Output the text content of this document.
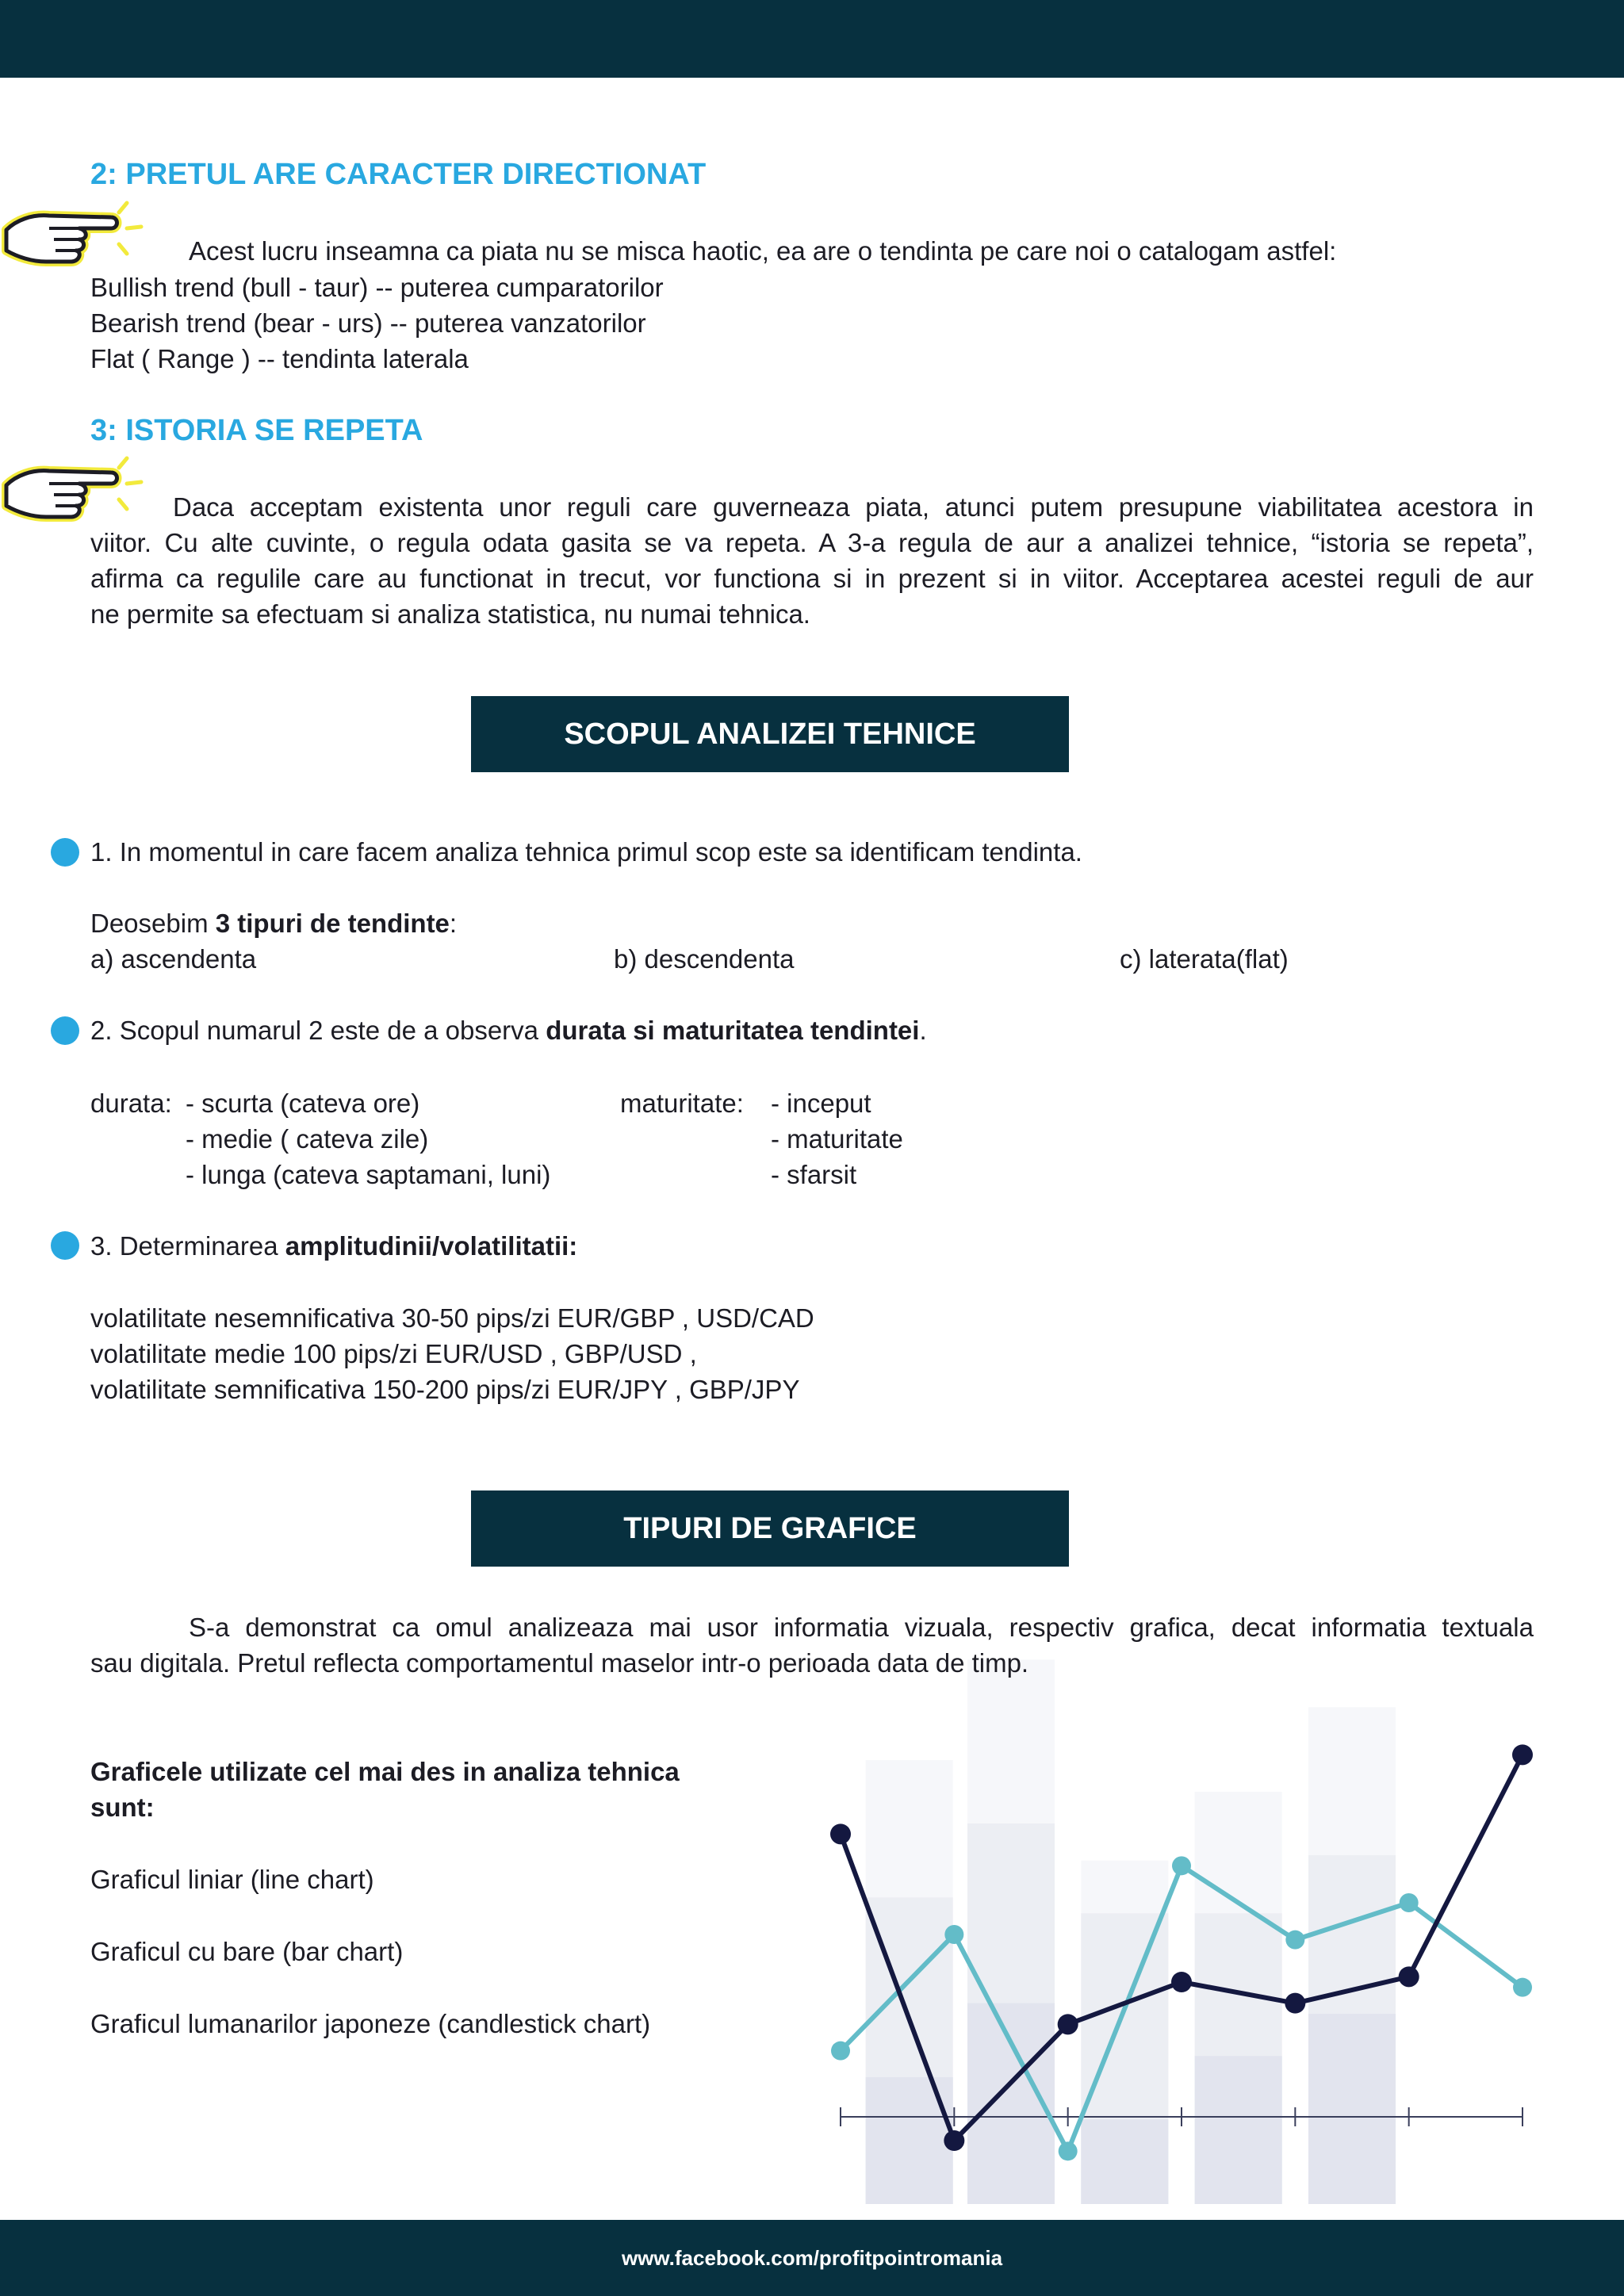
2: PRETUL ARE CARACTER DIRECTIONAT
Acest lucru inseamna ca piata nu se misca haotic, ea are o tendinta pe care noi o catalogam astfel:
Bullish trend (bull - taur) -- puterea cumparatorilor
Bearish trend (bear - urs) -- puterea vanzatorilor
Flat ( Range ) -- tendinta laterala
3: ISTORIA SE REPETA
Daca acceptam existenta unor reguli care guverneaza piata, atunci putem presupune viabilitatea acestora in
viitor. Cu alte cuvinte, o regula odata gasita se va repeta. A 3-a regula de aur a analizei tehnice, “istoria se repeta”,
afirma ca regulile care au functionat in trecut, vor functiona si in prezent si in viitor. Acceptarea acestei reguli de aur
ne permite sa efectuam si analiza statistica, nu numai tehnica.
SCOPUL ANALIZEI TEHNICE
1. In momentul in care facem analiza tehnica primul scop este sa identificam tendinta.
Deosebim 3 tipuri de tendinte:
a) ascendenta	b) descendenta	c) laterata(flat)
2. Scopul numarul 2 este de a observa durata si maturitatea tendintei.
durata: - scurta (cateva ore)
- medie ( cateva zile)
- lunga (cateva saptamani, luni)
maturitate: - inceput
- maturitate
- sfarsit
3. Determinarea amplitudinii/volatilitatii:
volatilitate nesemnificativa 30-50 pips/zi EUR/GBP , USD/CAD
volatilitate medie 100 pips/zi EUR/USD , GBP/USD ,
volatilitate semnificativa 150-200 pips/zi EUR/JPY , GBP/JPY
TIPURI DE GRAFICE
S-a demonstrat ca omul analizeaza mai usor informatia vizuala, respectiv grafica, decat informatia textuala
sau digitala. Pretul reflecta comportamentul maselor intr-o perioada data de timp.
Graficele utilizate cel mai des in analiza tehnica
sunt:
Graficul liniar (line chart)
Graficul cu bare (bar chart)
Graficul lumanarilor japoneze (candlestick chart)
www.facebook.com/profitpointromania
